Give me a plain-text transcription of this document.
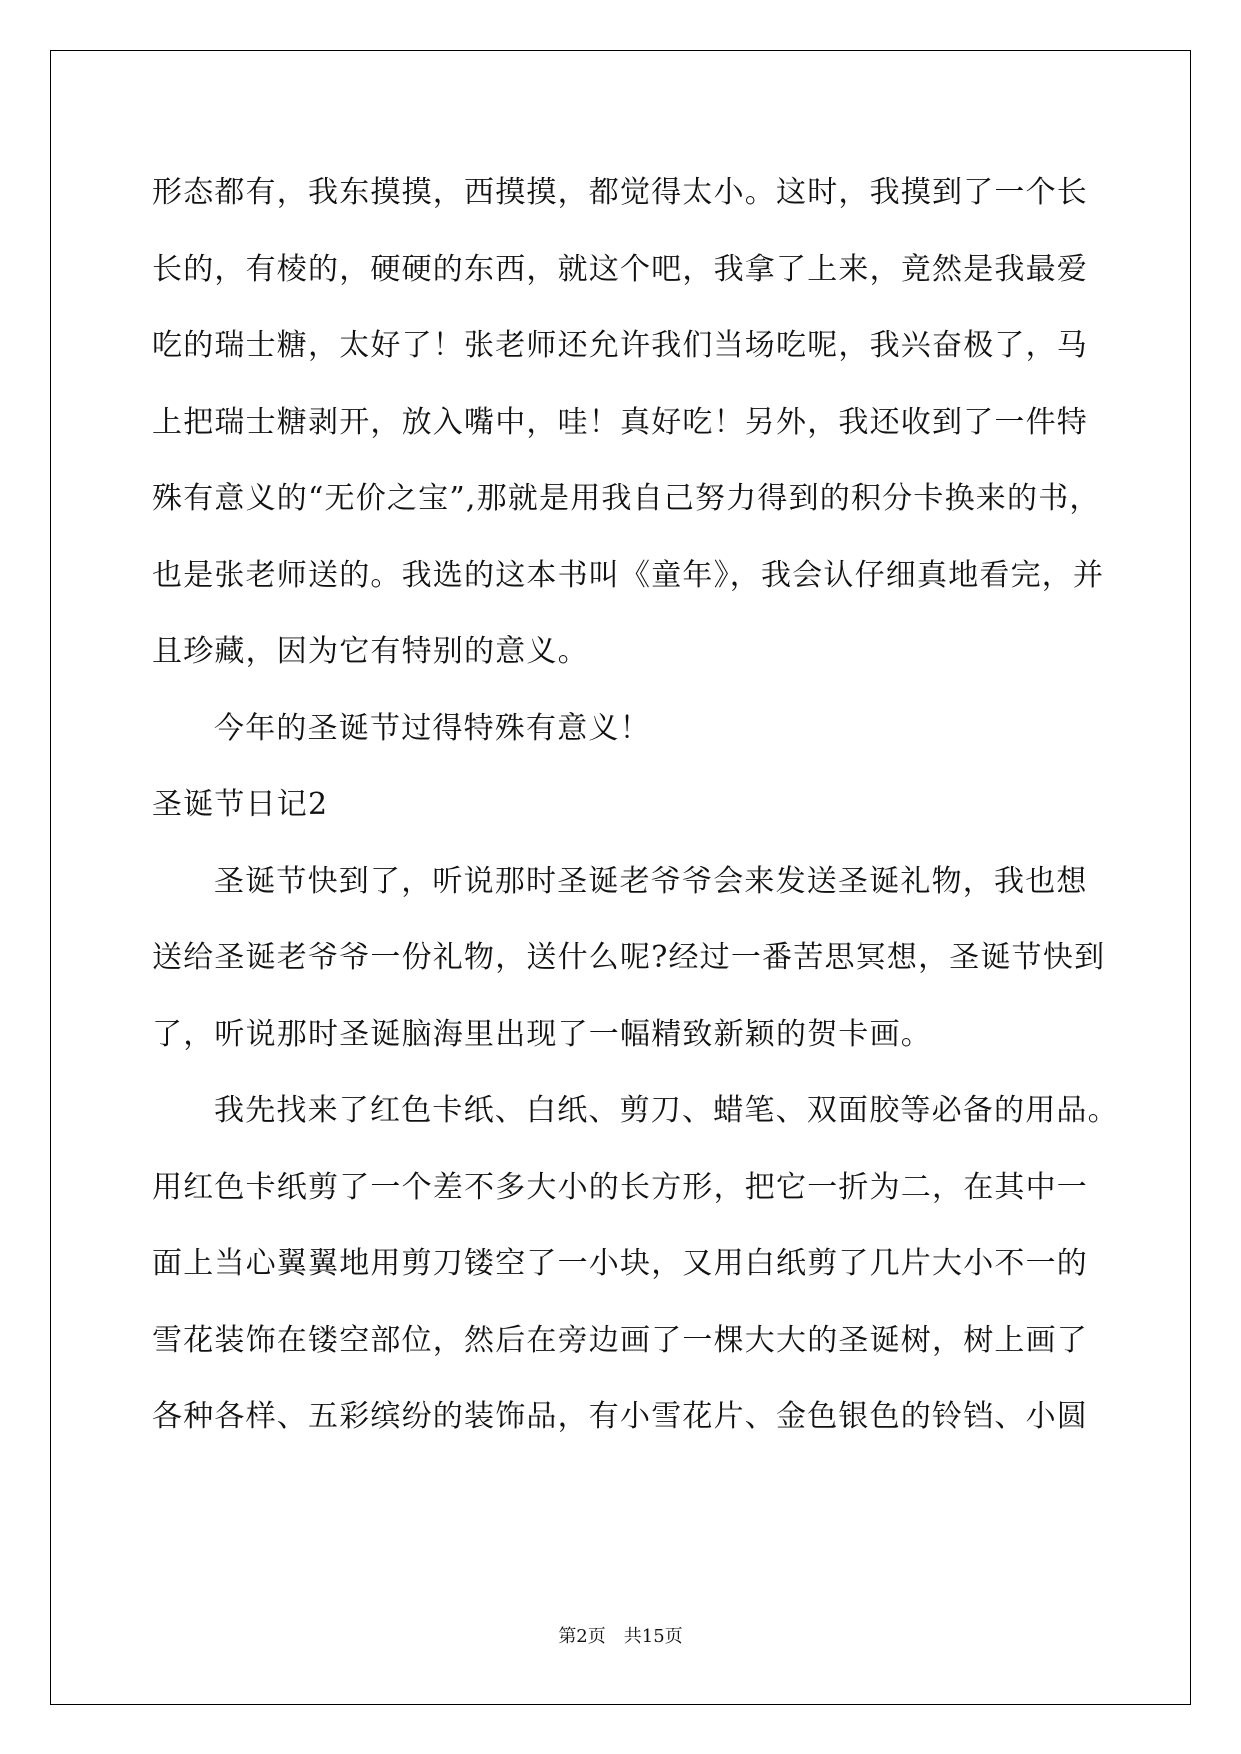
形态都有，我东摸摸，西摸摸，都觉得太小。这时，我摸到了一个长
长的，有棱的，硬硬的东西，就这个吧，我拿了上来，竟然是我最爱
吃的瑞士糖，太好了！张老师还允许我们当场吃呢，我兴奋极了，马
上把瑞士糖剥开，放入嘴中，哇！真好吃！另外，我还收到了一件特
殊有意义的“无价之宝”,那就是用我自己努力得到的积分卡换来的书，
也是张老师送的。我选的这本书叫《童年》，我会认仔细真地看完，并
且珍藏，因为它有特别的意义。
今年的圣诞节过得特殊有意义！
圣诞节日记2
圣诞节快到了，听说那时圣诞老爷爷会来发送圣诞礼物，我也想
送给圣诞老爷爷一份礼物，送什么呢?经过一番苦思冥想，圣诞节快到
了，听说那时圣诞脑海里出现了一幅精致新颖的贺卡画。
我先找来了红色卡纸、白纸、剪刀、蜡笔、双面胶等必备的用品。
用红色卡纸剪了一个差不多大小的长方形，把它一折为二，在其中一
面上当心翼翼地用剪刀镂空了一小块，又用白纸剪了几片大小不一的
雪花装饰在镂空部位，然后在旁边画了一棵大大的圣诞树，树上画了
各种各样、五彩缤纷的装饰品，有小雪花片、金色银色的铃铛、小圆
第2页　共15页
